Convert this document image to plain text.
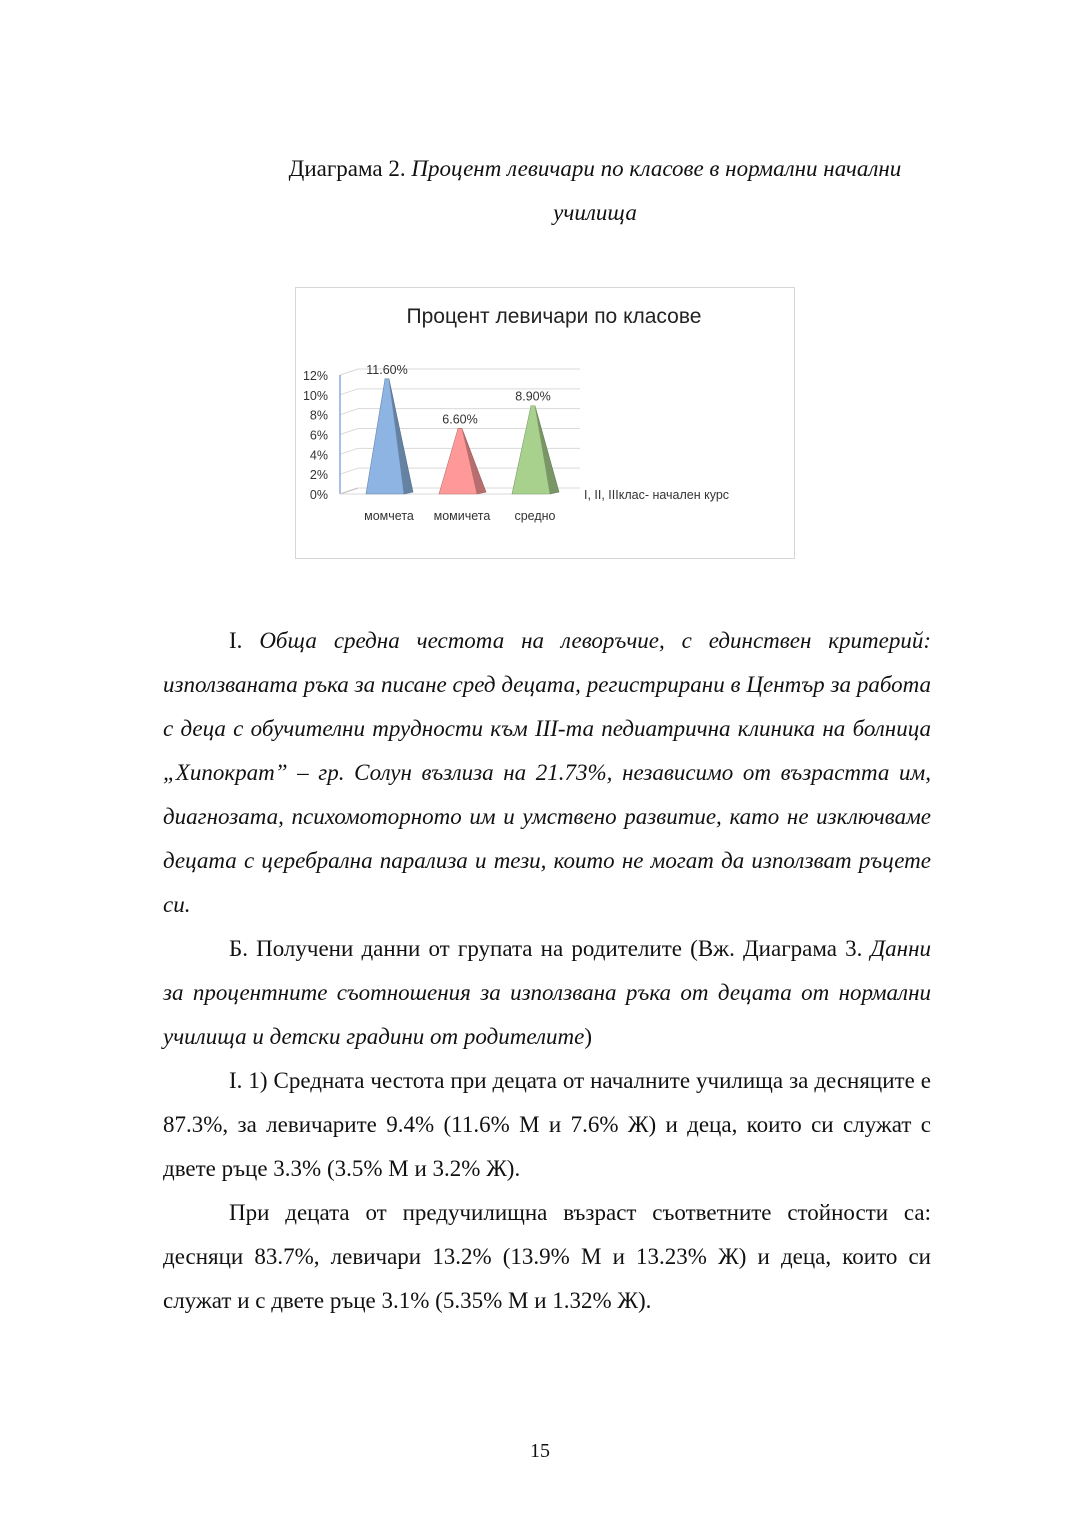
Диаграма 2. Процент левичари по класове в нормални начални
училища
Процент левичари по класове
0%
2%
4%
6%
8%
10%
12%	11.60%
6.60%
8.90%
момчета момичета средно
I, II, IIIклас- начален курс

I. Обща средна честота на леворъчие, с единствен критерий: използваната ръка за писане сред децата, регистрирани в Център за работа с деца с обучителни трудности към III-та педиатрична клиника на болница „Хипократ” – гр. Солун възлиза на 21.73%, независимо от възрастта им, диагнозата, психомоторното им и умствено развитие, като не изключваме децата с церебрална парализа и тези, които не могат да използват ръцете си.

Б. Получени данни от групата на родителите (Вж. Диаграма 3. Данни за процентните съотношения за използвана ръка от децата от нормални училища и детски градини от родителите)

I. 1) Средната честота при децата от началните училища за десняците е 87.3%, за левичарите 9.4% (11.6% М и 7.6% Ж) и деца, които си служат с двете ръце 3.3% (3.5% М и 3.2% Ж).

При децата от предучилищна възраст съответните стойности са: десняци 83.7%, левичари 13.2% (13.9% М и 13.23% Ж) и деца, които си служат и с двете ръце 3.1% (5.35% М и 1.32% Ж).

15
